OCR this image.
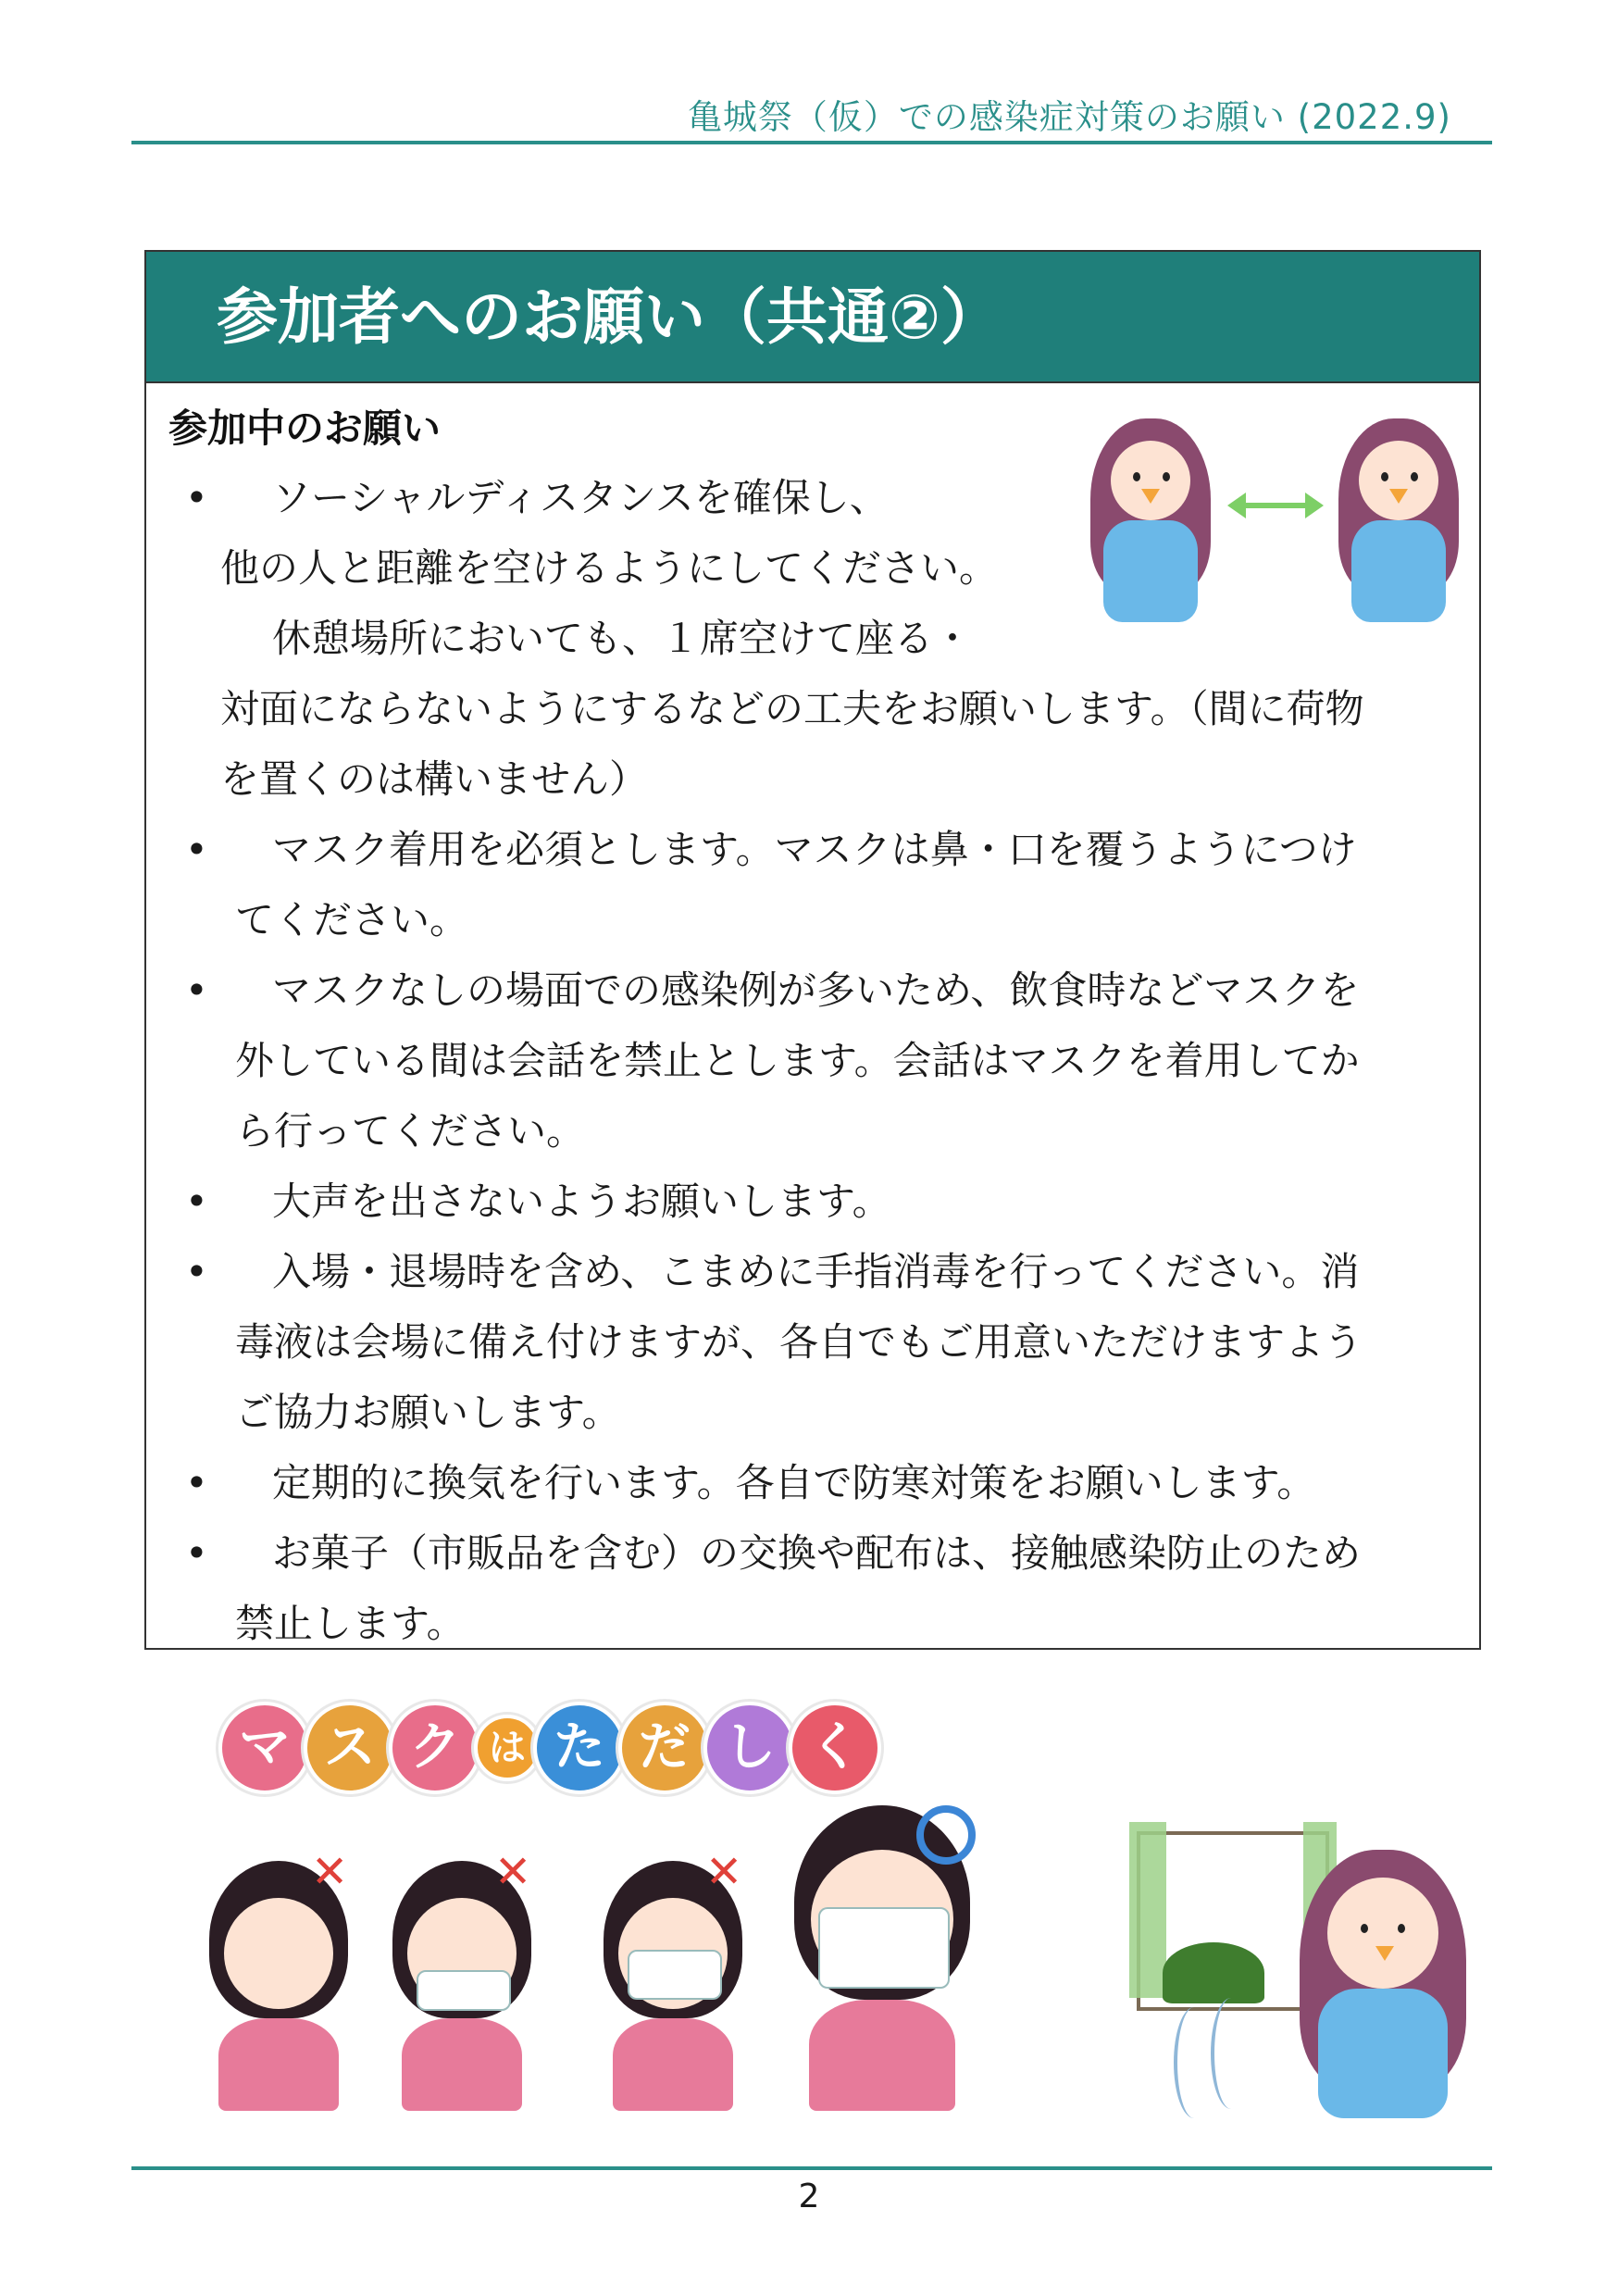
亀城祭（仮）での感染症対策のお願い (2022.9)
参加者へのお願い（共通②）
参加中のお願い
•	ソーシャルディスタンスを確保し、
他の人と距離を空けるようにしてください。
休憩場所においても、１席空けて座る・
対面にならないようにするなどの工夫をお願いします。（間に荷物
を置くのは構いません）
•	マスク着用を必須とします。マスクは鼻・口を覆うようにつけ
てください。
•	マスクなしの場面での感染例が多いため、飲食時などマスクを
外している間は会話を禁止とします。会話はマスクを着用してか
ら行ってください。
•	大声を出さないようお願いします。
•	入場・退場時を含め、こまめに手指消毒を行ってください。消
毒液は会場に備え付けますが、各自でもご用意いただけますよう
ご協力お願いします。
•	定期的に換気を行います。各自で防寒対策をお願いします。
•	お菓子（市販品を含む）の交換や配布は、接触感染防止のため
禁止します。
マ ス ク は た だ し く
✕	✕	✕
2
